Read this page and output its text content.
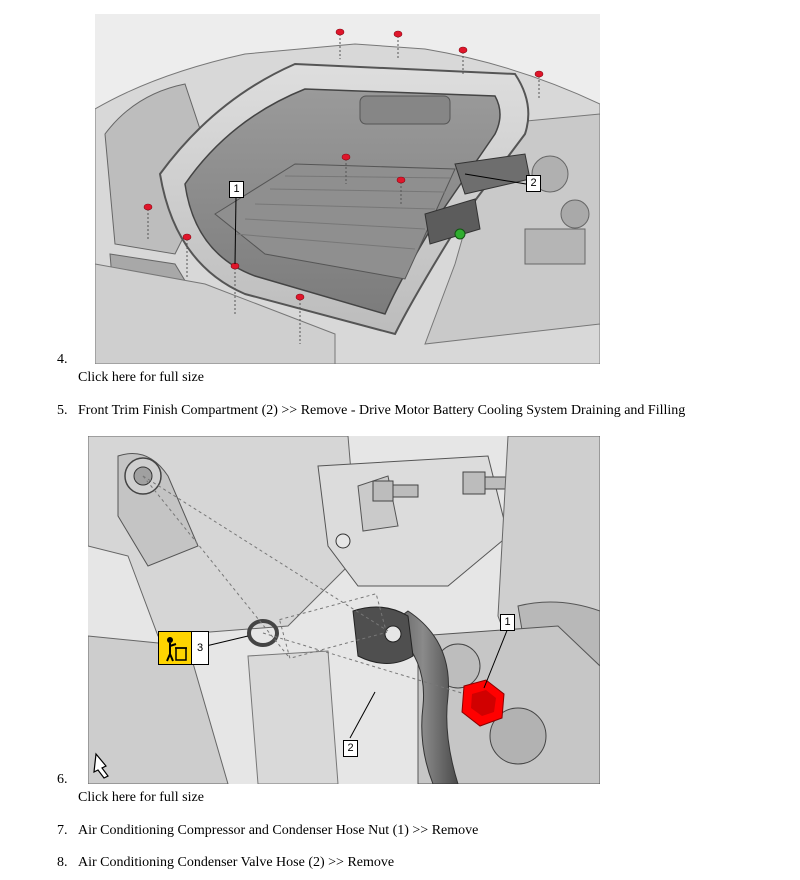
1	2
4.
Click here for full size
5. Front Trim Finish Compartment (2) >> Remove - Drive Motor Battery Cooling System Draining and Filling
1
2
3
6.
Click here for full size
7. Air Conditioning Compressor and Condenser Hose Nut (1) >> Remove
8. Air Conditioning Condenser Valve Hose (2) >> Remove
